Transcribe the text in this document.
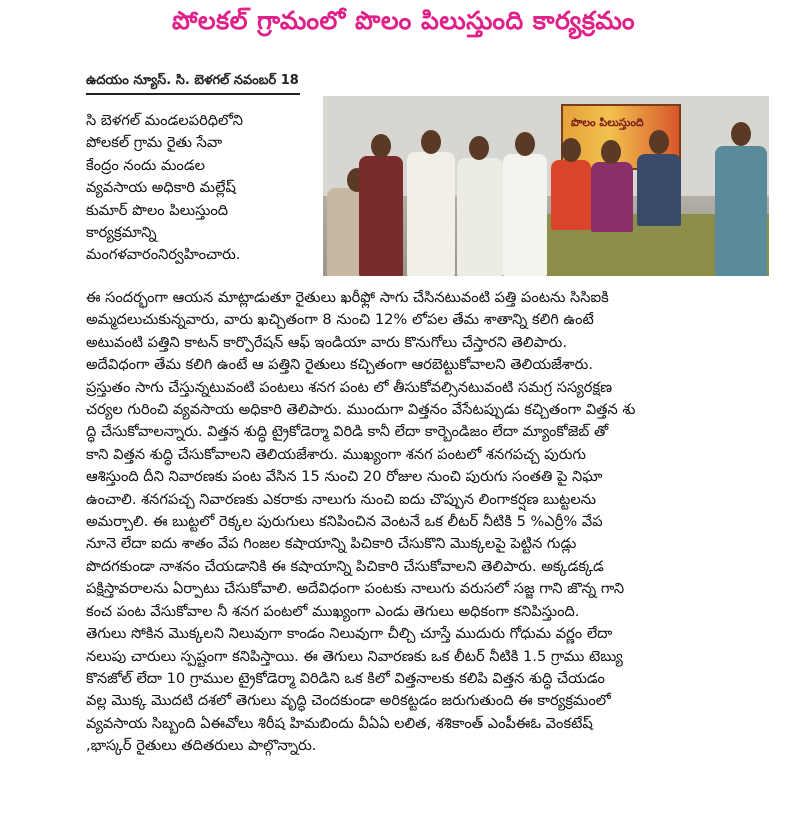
పోలకల్ గ్రామంలో పొలం పిలుస్తుంది కార్యక్రమం
ఉదయం న్యూస్. సి. బెళగల్ నవంబర్ 18
పొలం పిలుస్తుంది

సి బెళగల్ మండలపరిధిలోని

పోలకల్ గ్రామ రైతు సేవా

కేంద్రం నందు మండల

వ్యవసాయ అధికారి మల్లేష్

కుమార్ పొలం పిలుస్తుంది

కార్యక్రమాన్ని

మంగళవారంనిర్వహించారు.

ఈ సందర్భంగా ఆయన మాట్లాడుతూ రైతులు ఖరీఫ్లో సాగు చేసినటువంటి పత్తి పంటను సిసిఐకి

అమ్మదలుచుకున్నవారు, వారు ఖచ్చితంగా 8 నుంచి 12% లోపల తేమ శాతాన్ని కలిగి ఉంటే

అటువంటి పత్తిని కాటన్ కార్పొరేషన్ ఆఫ్ ఇండియా వారు కొనుగోలు చేస్తారని తెలిపారు.

అదేవిధంగా తేమ కలిగి ఉంటే ఆ పత్తిని రైతులు కచ్చితంగా ఆరబెట్టుకోవాలని తెలియజేశారు.

ప్రస్తుతం సాగు చేస్తున్నటువంటి పంటలు శనగ పంట లో తీసుకోవల్సినటువంటి సమగ్ర సస్యరక్షణ

చర్యల గురించి వ్యవసాయ అధికారి తెలిపారు. ముందుగా విత్తనం వేసేటప్పుడు కచ్చితంగా విత్తన శు

ద్ధి చేసుకోవాలన్నారు. విత్తన శుద్ధి ట్రైకోడెర్మా విరిడి కానీ లేదా కార్బెండిజం లేదా మ్యాంకోజెబ్ తో

కాని విత్తన శుద్ధి చేసుకోవాలని తెలియజేశారు. ముఖ్యంగా శనగ పంటలో శనగపచ్చ పురుగు

ఆశిస్తుంది దీని నివారణకు పంట వేసిన 15 నుంచి 20 రోజుల నుంచి పురుగు సంతతి పై నిఘా

ఉంచాలి. శనగపచ్చ నివారణకు ఎకరాకు నాలుగు నుంచి ఐదు చొప్పున లింగాకర్షణ బుట్టలను

అమర్చాలి. ఈ బుట్టలో రెక్కల పురుగులు కనిపించిన వెంటనే ఒక లీటర్ నీటికి 5 %ఎర్రీ% వేప

నూనె లేదా ఐదు శాతం వేప గింజల కషాయాన్ని పిచికారి చేసుకొని మొక్కలపై పెట్టిన గుడ్లు

పొదగకుండా నాశనం చేయడానికి ఈ కషాయాన్ని పిచికారి చేసుకోవాలని తెలిపారు. అక్కడక్కడ

పక్షిస్తావరాలను ఏర్పాటు చేసుకోవాలి. అదేవిధంగా పంటకు నాలుగు వరుసలో సజ్జ గాని జొన్న గాని

కంచ పంట వేసుకోవాల నీ శనగ పంటలో ముఖ్యంగా ఎండు తెగులు అధికంగా కనిపిస్తుంది.

తెగులు సోకిన మొక్కలని నిలువుగా కాండం నిలువుగా చీల్చి చూస్తే ముదురు గోధుమ వర్ణం లేదా

నలుపు చారులు స్పష్టంగా కనిపిస్తాయి. ఈ తెగులు నివారణకు ఒక లీటర్ నీటికి 1.5 గ్రాము టెబ్యు

కొనజోల్ లేదా 10 గ్రాముల ట్రైకోడెర్మా విరిడిని ఒక కిలో విత్తనాలకు కలిపి విత్తన శుద్ధి చేయడం

వల్ల మొక్క మొదటి దశలో తెగులు వృద్ధి చెందకుండా అరికట్టడం జరుగుతుంది ఈ కార్యక్రమంలో

వ్యవసాయ సిబ్బంది ఏఈవోలు శిరీష హిమబిందు వీఏఏ లలిత, శశికాంత్ ఎంపీఈఓ వెంకటేష్

,భాస్కర్ రైతులు తదితరులు పాల్గొన్నారు.
